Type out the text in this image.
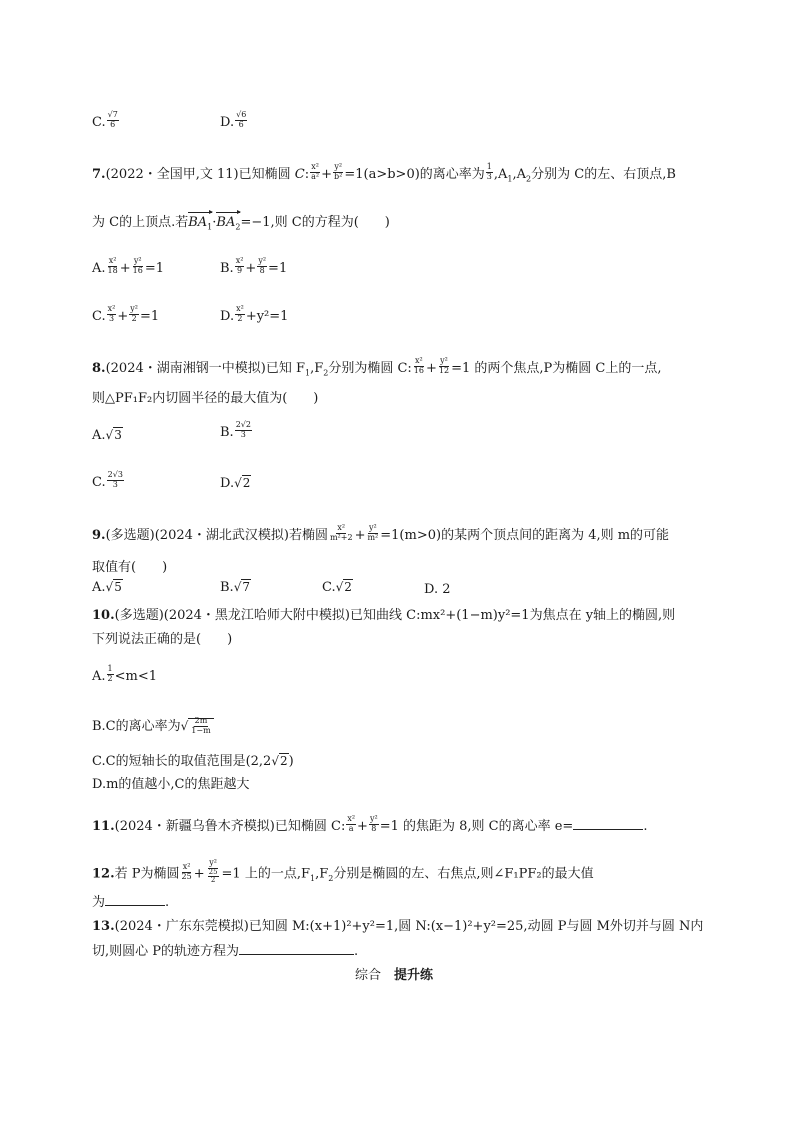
C. $\frac{√7}{6}$	D. $\frac{√6}{6}$
7.(2022・全国甲,文 11)已知椭圆 C: $\frac{\text{x²}}{\text{a²}} + \frac{\text{y²}}{\text{b²}} =1(a>b>0)$的离心率为 $\frac{1}{3} ,A_1,A_2$分别为 C的左、右顶点,B
为 C的上顶点.若$BA_1\cdot BA_2=-1$,则 C的方程为(　　)
A. $\frac{\text{x²}}{18} + \frac{\text{y²}}{16} =1$	B. $\frac{\text{x²}}{9} + \frac{\text{y²}}{8} =1$
C. $\frac{\text{x²}}{3} + \frac{\text{y²}}{2} =1$	D. $\frac{\text{x²}}{2} +y^2=1$
8.(2024・湖南湘钢一中模拟)已知 $F_1,F_2$分别为椭圆 C: $\frac{\text{x²}}{16} + \frac{\text{y²}}{12} =1$ 的两个焦点,P为椭圆 C上的一点,
则△PF₁F₂内切圆半径的最大值为(　　)
A.√3	B. $\frac{2√2}{3}$
C. $\frac{2√3}{3}$	D.√2
9.(多选题)(2024・湖北武汉模拟)若椭圆 $\frac{\text{x²}}{\text{m²+2}} + \frac{\text{y²}}{\text{m²}} =1(m>0)$的某两个顶点间的距离为 4,则 m的可能
取值有(　　)
A.√5	B.√7	C.√2	D. 2
10.(多选题)(2024・黑龙江哈师大附中模拟)已知曲线 C:mx²+(1−m)y²=1为焦点在 y轴上的椭圆,则
下列说法正确的是(　　)
A. $\frac{1}{2} <m<1$
B.C的离心率为√ $\frac{2m}{1-m}$
C.C的短轴长的取值范围是(2,2√2)
D.m的值越小,C的焦距越大
11.(2024・新疆乌鲁木齐模拟)已知椭圆 C: $\frac{\text{x²}}{a} + \frac{\text{y²}}{8} =1$ 的焦距为 8,则 C的离心率 e=	.
12.若 P为椭圆 $\frac{\text{x²}}{25} + \frac{\text{y²}}{\frac{25}{2}} =1$ 上的一点$,F_1,F_2$分别是椭圆的左、右焦点,则∠F₁PF₂的最大值
为	.
13.(2024・广东东莞模拟)已知圆 M:(x+1)²+y²=1,圆 N:(x−1)²+y²=25,动圆 P与圆 M外切并与圆 N内
切,则圆心 P的轨迹方程为	.
综合　 提升练
